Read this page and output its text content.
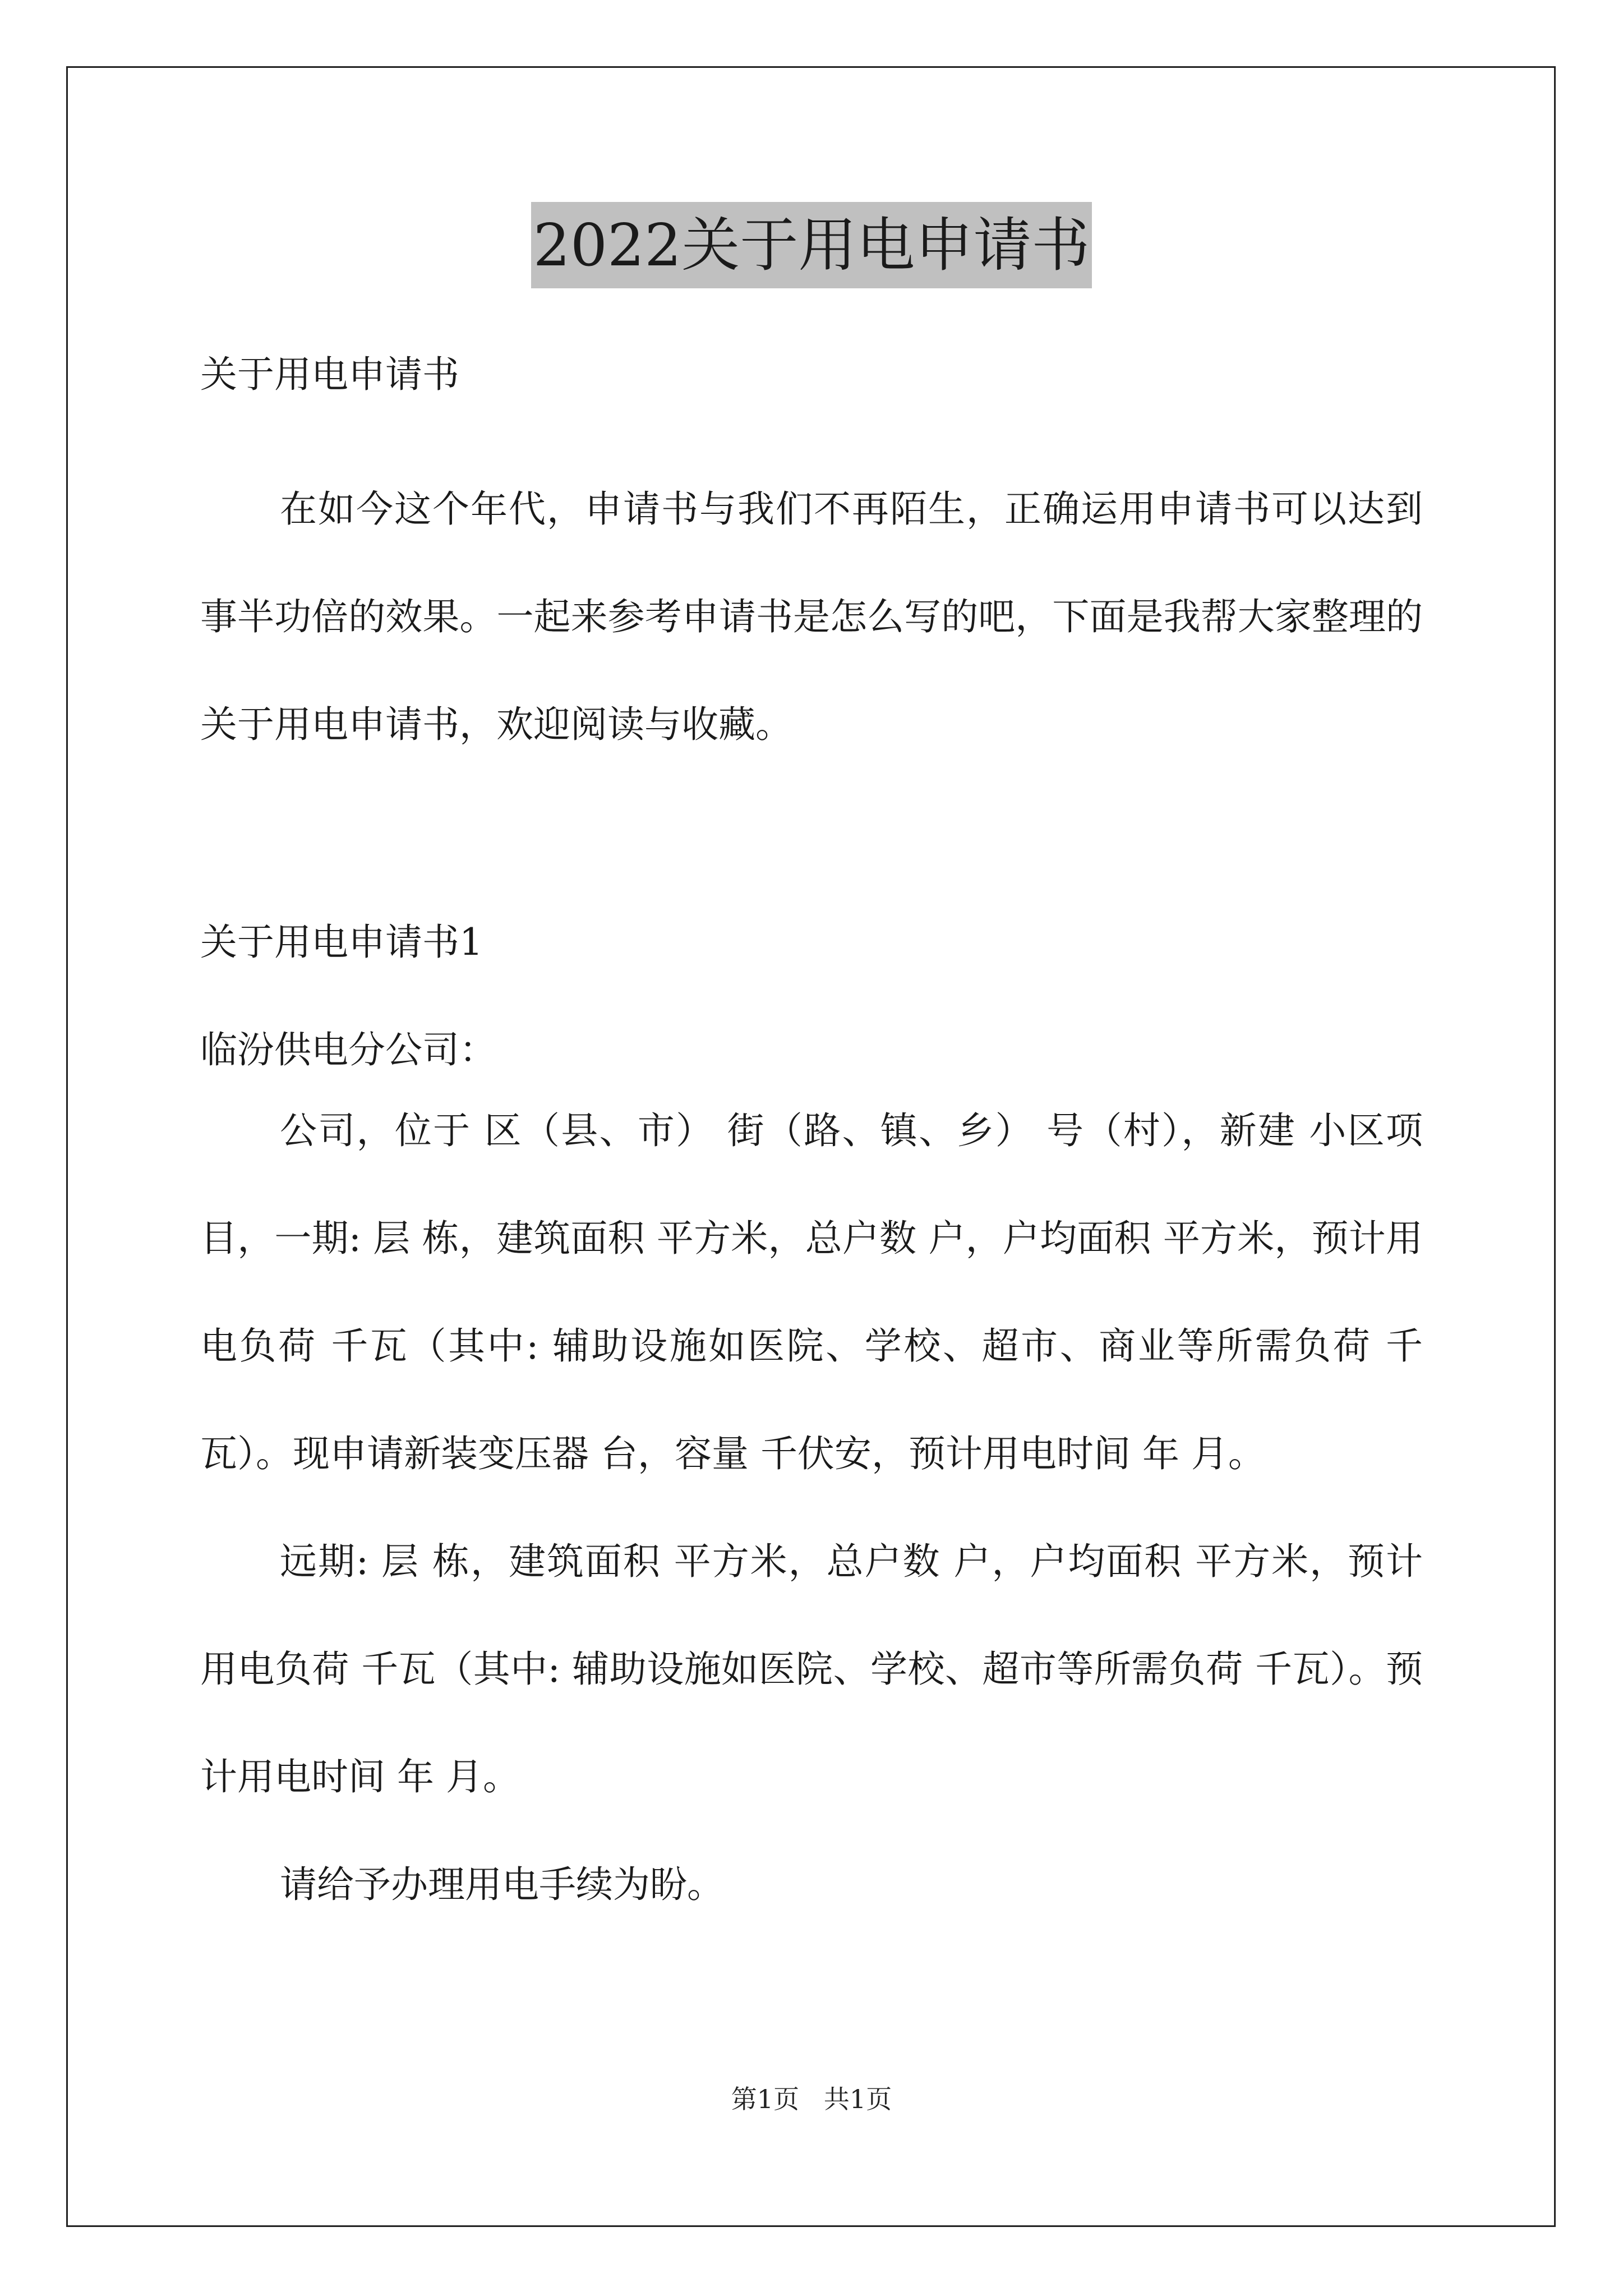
2022关于用电申请书

关于用电申请书

在如今这个年代，申请书与我们不再陌生，正确运用申请书可以达到事半功倍的效果。一起来参考申请书是怎么写的吧，下面是我帮大家整理的关于用电申请书，欢迎阅读与收藏。

关于用电申请书1

临汾供电分公司：

公司，位于 区（县、市） 街（路、镇、乡） 号（村），新建 小区项目，一期: 层 栋，建筑面积 平方米，总户数 户，户均面积 平方米，预计用电负荷 千瓦（其中: 辅助设施如医院、学校、超市、商业等所需负荷 千瓦）。现申请新装变压器 台，容量 千伏安，预计用电时间 年 月。

远期: 层 栋，建筑面积 平方米，总户数 户，户均面积 平方米，预计用电负荷 千瓦（其中: 辅助设施如医院、学校、超市等所需负荷 千瓦）。预计用电时间 年 月。

请给予办理用电手续为盼。

第1页   共1页
